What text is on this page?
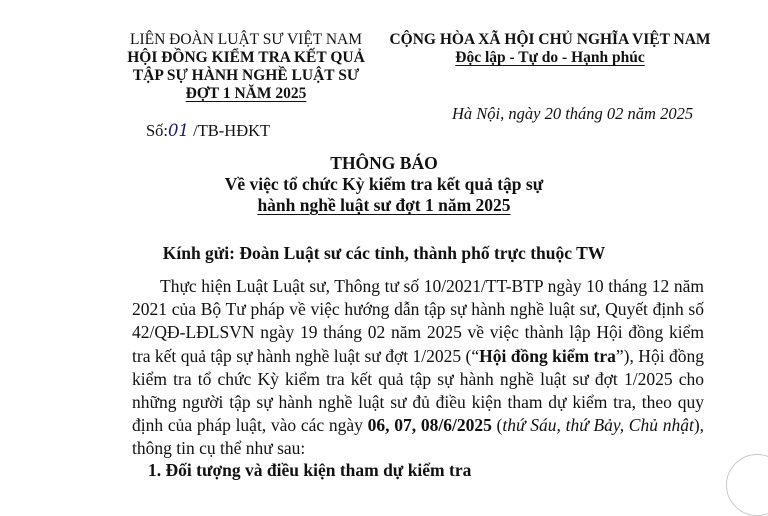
LIÊN ĐOÀN LUẬT SƯ VIỆT NAM
HỘI ĐỒNG KIỂM TRA KẾT QUẢ
TẬP SỰ HÀNH NGHỀ LUẬT SƯ
ĐỢT 1 NĂM 2025
CỘNG HÒA XÃ HỘI CHỦ NGHĨA VIỆT NAM
Độc lập - Tự do - Hạnh phúc
Số:01 /TB-HĐKT
Hà Nội, ngày 20 tháng 02 năm 2025
THÔNG BÁO
Về việc tổ chức Kỳ kiểm tra kết quả tập sự
hành nghề luật sư đợt 1 năm 2025
Kính gửi: Đoàn Luật sư các tỉnh, thành phố trực thuộc TW
Thực hiện Luật Luật sư, Thông tư số 10/2021/TT-BTP ngày 10 tháng 12 năm 2021 của Bộ Tư pháp về việc hướng dẫn tập sự hành nghề luật sư, Quyết định số 42/QĐ-LĐLSVN ngày 19 tháng 02 năm 2025 về việc thành lập Hội đồng kiểm tra kết quả tập sự hành nghề luật sư đợt 1/2025 (“Hội đồng kiểm tra”), Hội đồng kiểm tra tổ chức Kỳ kiểm tra kết quả tập sự hành nghề luật sư đợt 1/2025 cho những người tập sự hành nghề luật sư đủ điều kiện tham dự kiểm tra, theo quy định của pháp luật, vào các ngày 06, 07, 08/6/2025 (thứ Sáu, thứ Bảy, Chủ nhật), thông tin cụ thể như sau:
1. Đối tượng và điều kiện tham dự kiểm tra
